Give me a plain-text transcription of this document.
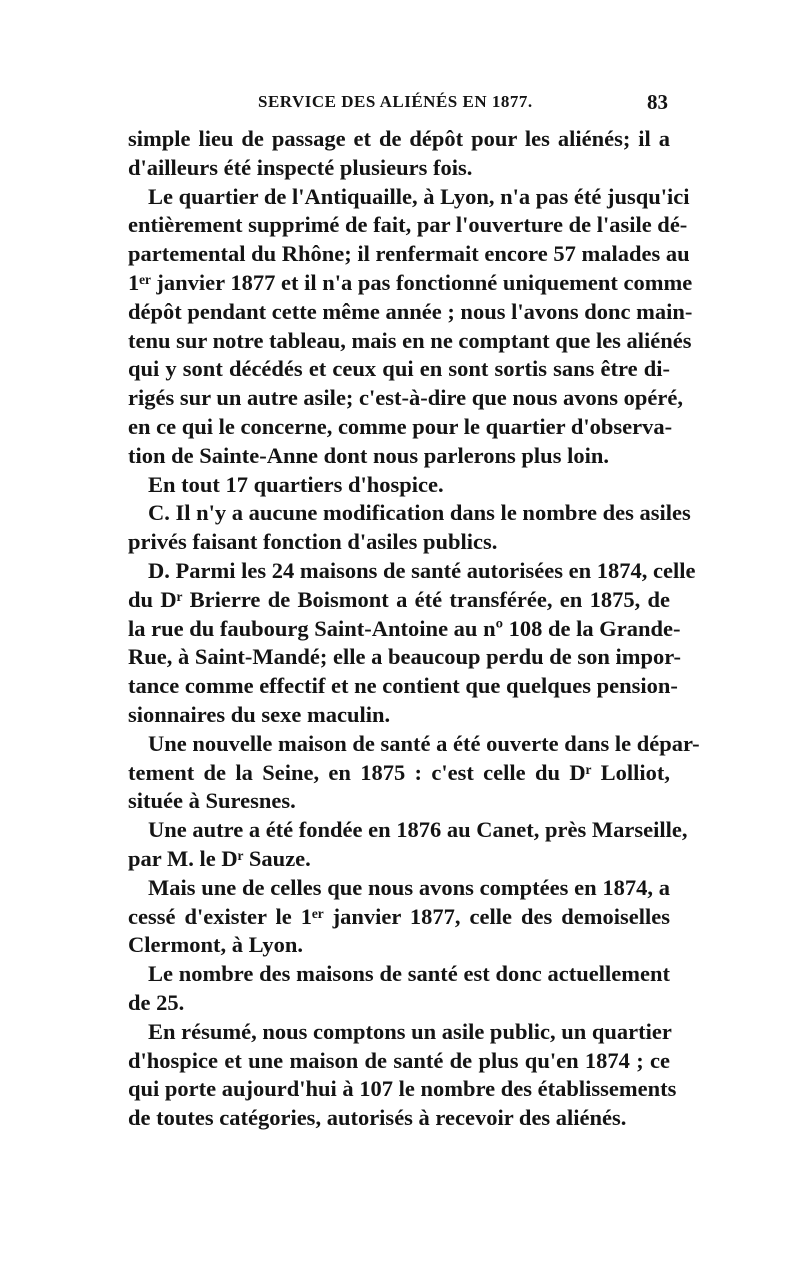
SERVICE DES ALIÉNÉS EN 1877.	83
simple lieu de passage et de dépôt pour les aliénés; il a
d'ailleurs été inspecté plusieurs fois.
Le quartier de l'Antiquaille, à Lyon, n'a pas été jusqu'ici
entièrement supprimé de fait, par l'ouverture de l'asile dé-
partemental du Rhône; il renfermait encore 57 malades au
1ᵉʳ janvier 1877 et il n'a pas fonctionné uniquement comme
dépôt pendant cette même année ; nous l'avons donc main-
tenu sur notre tableau, mais en ne comptant que les aliénés
qui y sont décédés et ceux qui en sont sortis sans être di-
rigés sur un autre asile; c'est-à-dire que nous avons opéré,
en ce qui le concerne, comme pour le quartier d'observa-
tion de Sainte-Anne dont nous parlerons plus loin.
En tout 17 quartiers d'hospice.
C. Il n'y a aucune modification dans le nombre des asiles
privés faisant fonction d'asiles publics.
D. Parmi les 24 maisons de santé autorisées en 1874, celle
du Dʳ Brierre de Boismont a été transférée, en 1875, de
la rue du faubourg Saint-Antoine au nº 108 de la Grande-
Rue, à Saint-Mandé; elle a beaucoup perdu de son impor-
tance comme effectif et ne contient que quelques pension-
sionnaires du sexe maculin.
Une nouvelle maison de santé a été ouverte dans le dépar-
tement de la Seine, en 1875 : c'est celle du Dʳ Lolliot,
située à Suresnes.
Une autre a été fondée en 1876 au Canet, près Marseille,
par M. le Dʳ Sauze.
Mais une de celles que nous avons comptées en 1874, a
cessé d'exister le 1ᵉʳ janvier 1877, celle des demoiselles
Clermont, à Lyon.
Le nombre des maisons de santé est donc actuellement
de 25.
En résumé, nous comptons un asile public, un quartier
d'hospice et une maison de santé de plus qu'en 1874 ; ce
qui porte aujourd'hui à 107 le nombre des établissements
de toutes catégories, autorisés à recevoir des aliénés.
